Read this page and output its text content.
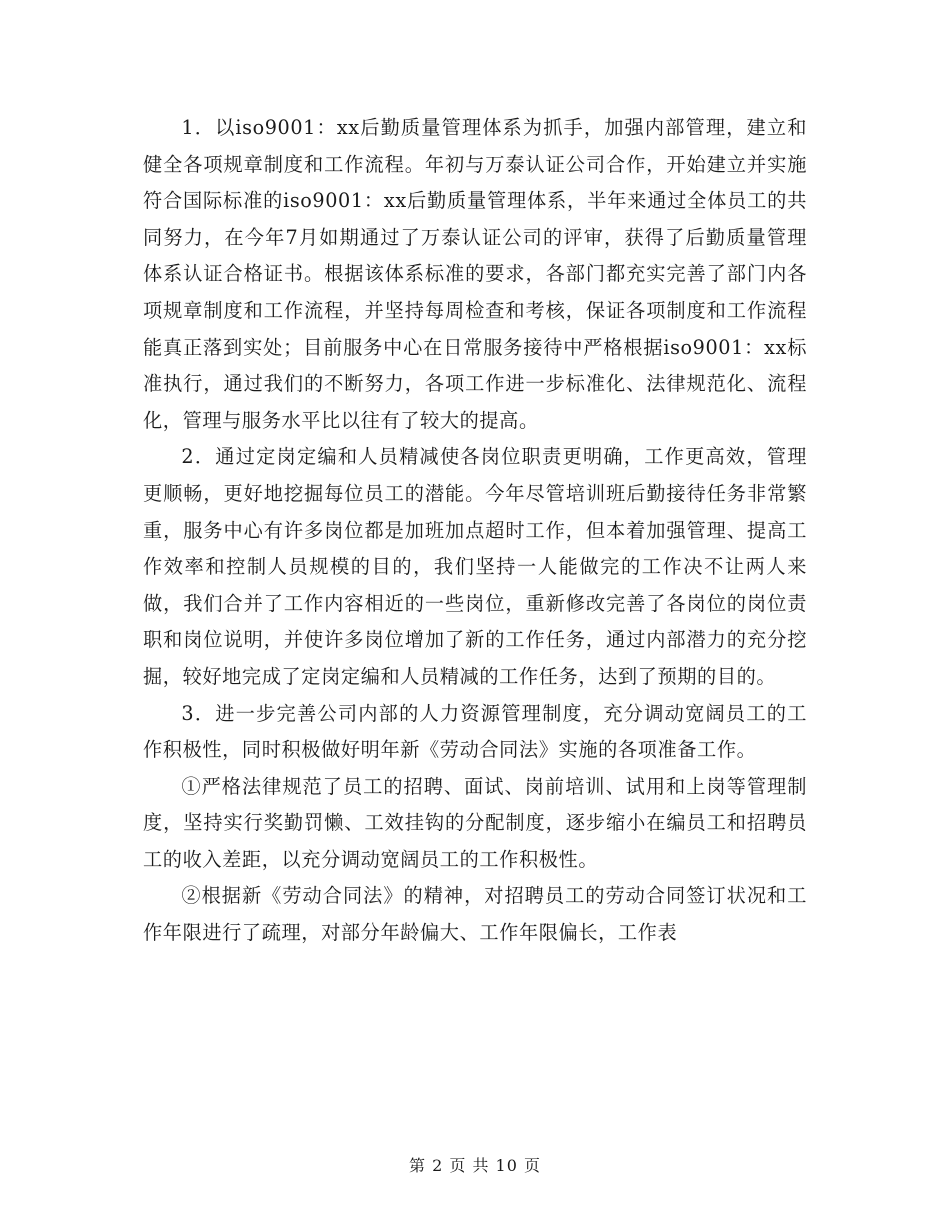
1．以iso9001：xx后勤质量管理体系为抓手，加强内部管理，建立和健全各项规章制度和工作流程。年初与万泰认证公司合作，开始建立并实施符合国际标准的iso9001：xx后勤质量管理体系，半年来通过全体员工的共同努力，在今年7月如期通过了万泰认证公司的评审，获得了后勤质量管理体系认证合格证书。根据该体系标准的要求，各部门都充实完善了部门内各项规章制度和工作流程，并坚持每周检查和考核，保证各项制度和工作流程能真正落到实处；目前服务中心在日常服务接待中严格根据iso9001：xx标准执行，通过我们的不断努力，各项工作进一步标准化、法律规范化、流程化，管理与服务水平比以往有了较大的提高。

2．通过定岗定编和人员精减使各岗位职责更明确，工作更高效，管理更顺畅，更好地挖掘每位员工的潜能。今年尽管培训班后勤接待任务非常繁重，服务中心有许多岗位都是加班加点超时工作，但本着加强管理、提高工作效率和控制人员规模的目的，我们坚持一人能做完的工作决不让两人来做，我们合并了工作内容相近的一些岗位，重新修改完善了各岗位的岗位责职和岗位说明，并使许多岗位增加了新的工作任务，通过内部潜力的充分挖掘，较好地完成了定岗定编和人员精减的工作任务，达到了预期的目的。

3．进一步完善公司内部的人力资源管理制度，充分调动宽阔员工的工作积极性，同时积极做好明年新《劳动合同法》实施的各项准备工作。

①严格法律规范了员工的招聘、面试、岗前培训、试用和上岗等管理制度，坚持实行奖勤罚懒、工效挂钩的分配制度，逐步缩小在编员工和招聘员工的收入差距，以充分调动宽阔员工的工作积极性。

②根据新《劳动合同法》的精神，对招聘员工的劳动合同签订状况和工作年限进行了疏理，对部分年龄偏大、工作年限偏长，工作表

第 2 页 共 10 页
